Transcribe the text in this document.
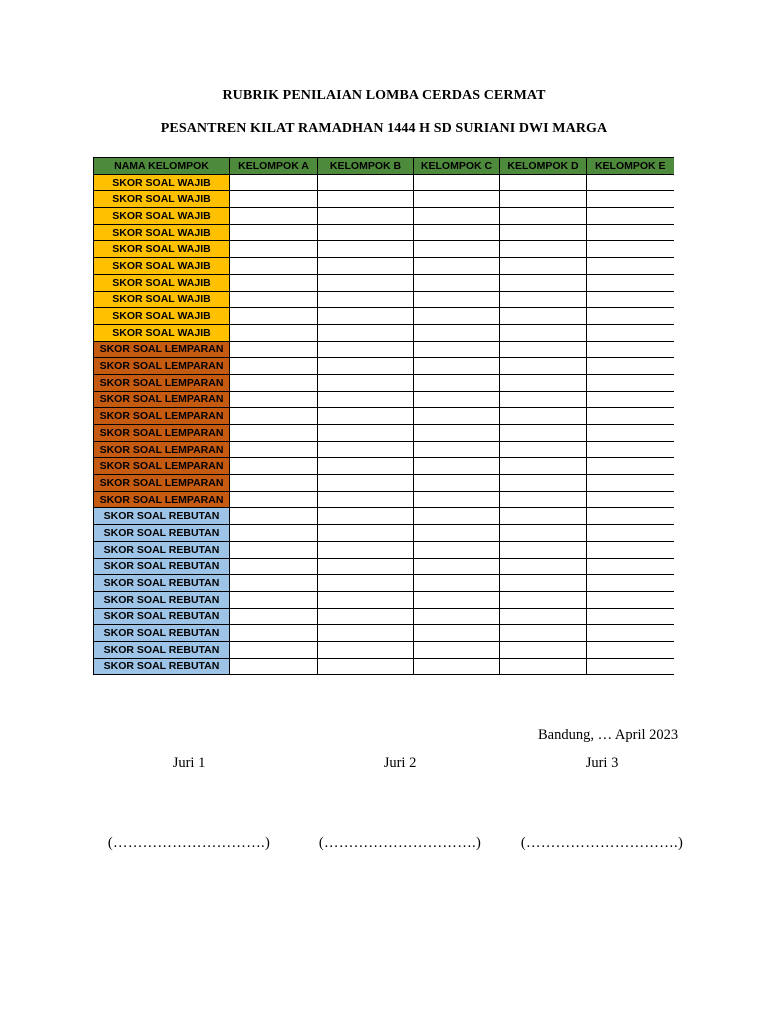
RUBRIK PENILAIAN LOMBA CERDAS CERMAT
PESANTREN KILAT RAMADHAN 1444 H SD SURIANI DWI MARGA
NAMA KELOMPOK	KELOMPOK A	KELOMPOK B	KELOMPOK C	KELOMPOK D	KELOMPOK E
SKOR SOAL WAJIB					
SKOR SOAL WAJIB					
SKOR SOAL WAJIB					
SKOR SOAL WAJIB					
SKOR SOAL WAJIB					
SKOR SOAL WAJIB					
SKOR SOAL WAJIB					
SKOR SOAL WAJIB					
SKOR SOAL WAJIB					
SKOR SOAL WAJIB					
SKOR SOAL LEMPARAN					
SKOR SOAL LEMPARAN					
SKOR SOAL LEMPARAN					
SKOR SOAL LEMPARAN					
SKOR SOAL LEMPARAN					
SKOR SOAL LEMPARAN					
SKOR SOAL LEMPARAN					
SKOR SOAL LEMPARAN					
SKOR SOAL LEMPARAN					
SKOR SOAL LEMPARAN					
SKOR SOAL REBUTAN					
SKOR SOAL REBUTAN					
SKOR SOAL REBUTAN					
SKOR SOAL REBUTAN					
SKOR SOAL REBUTAN					
SKOR SOAL REBUTAN					
SKOR SOAL REBUTAN					
SKOR SOAL REBUTAN					
SKOR SOAL REBUTAN					
SKOR SOAL REBUTAN					
Bandung, … April 2023
Juri 1	Juri 2	Juri 3
(………………………….)	(………………………….)	(………………………….)
